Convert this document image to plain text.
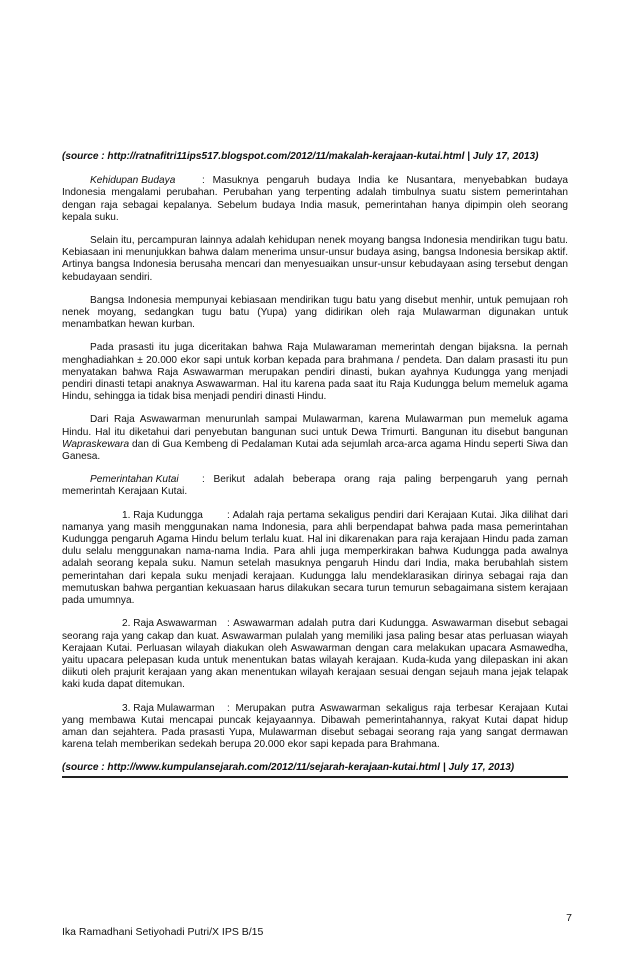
(source : http://ratnafitri11ips517.blogspot.com/2012/11/makalah-kerajaan-kutai.html | July 17, 2013)

Kehidupan Budaya	: Masuknya pengaruh budaya India ke Nusantara, menyebabkan budaya Indonesia mengalami perubahan. Perubahan yang terpenting adalah timbulnya suatu sistem pemerintahan dengan raja sebagai kepalanya. Sebelum budaya India masuk, pemerintahan hanya dipimpin oleh seorang kepala suku.

Selain itu, percampuran lainnya adalah kehidupan nenek moyang bangsa Indonesia mendirikan tugu batu. Kebiasaan ini menunjukkan bahwa dalam menerima unsur-unsur budaya asing, bangsa Indonesia bersikap aktif. Artinya bangsa Indonesia berusaha mencari dan menyesuaikan unsur-unsur kebudayaan asing tersebut dengan kebudayaan sendiri.

Bangsa Indonesia mempunyai kebiasaan mendirikan tugu batu yang disebut menhir, untuk pemujaan roh nenek moyang, sedangkan tugu batu (Yupa) yang didirikan oleh raja Mulawarman digunakan untuk menambatkan hewan kurban.

Pada prasasti itu juga diceritakan bahwa Raja Mulawaraman memerintah dengan bijaksna. Ia pernah menghadiahkan ± 20.000 ekor sapi untuk korban kepada para brahmana / pendeta. Dan dalam prasasti itu pun menyatakan bahwa Raja Aswawarman merupakan pendiri dinasti, bukan ayahnya Kudungga yang menjadi pendiri dinasti tetapi anaknya Aswawarman. Hal itu karena pada saat itu Raja Kudungga belum memeluk agama Hindu, sehingga ia tidak bisa menjadi pendiri dinasti Hindu.

Dari Raja Aswawarman menurunlah sampai Mulawarman, karena Mulawarman pun memeluk agama Hindu. Hal itu diketahui dari penyebutan bangunan suci untuk Dewa Trimurti. Bangunan itu disebut bangunan Wapraskewara dan di Gua Kembeng di Pedalaman Kutai ada sejumlah arca-arca agama Hindu seperti Siwa dan Ganesa.

Pemerintahan Kutai : Berikut adalah beberapa orang raja paling berpengaruh yang pernah memerintah Kerajaan Kutai.

1. Raja Kudungga : Adalah raja pertama sekaligus pendiri dari Kerajaan Kutai. Jika dilihat dari namanya yang masih menggunakan nama Indonesia, para ahli berpendapat bahwa pada masa pemerintahan Kudungga pengaruh Agama Hindu belum terlalu kuat. Hal ini dikarenakan para raja kerajaan Hindu pada zaman dulu selalu menggunakan nama-nama India. Para ahli juga memperkirakan bahwa Kudungga pada awalnya adalah seorang kepala suku. Namun setelah masuknya pengaruh Hindu dari India, maka berubahlah sistem pemerintahan dari kepala suku menjadi kerajaan. Kudungga lalu mendeklarasikan dirinya sebagai raja dan memutuskan bahwa pergantian kekuasaan harus dilakukan secara turun temurun sebagaimana sistem kerajaan pada umumnya.

2. Raja Aswawarman : Aswawarman adalah putra dari Kudungga. Aswawarman disebut sebagai seorang raja yang cakap dan kuat. Aswawarman pulalah yang memiliki jasa paling besar atas perluasan wiayah Kerajaan Kutai. Perluasan wilayah diakukan oleh Aswawarman dengan cara melakukan upacara Asmawedha, yaitu upacara pelepasan kuda untuk menentukan batas wilayah kerajaan. Kuda-kuda yang dilepaskan ini akan diikuti oleh prajurit kerajaan yang akan menentukan wilayah kerajaan sesuai dengan sejauh mana jejak telapak kaki kuda dapat ditemukan.

3. Raja Mulawarman : Merupakan putra Aswawarman sekaligus raja terbesar Kerajaan Kutai yang membawa Kutai mencapai puncak kejayaannya. Dibawah pemerintahannya, rakyat Kutai dapat hidup aman dan sejahtera. Pada prasasti Yupa, Mulawarman disebut sebagai seorang raja yang sangat dermawan karena telah memberikan sedekah berupa 20.000 ekor sapi kepada para Brahmana.

(source : http://www.kumpulansejarah.com/2012/11/sejarah-kerajaan-kutai.html | July 17, 2013)
7
Ika Ramadhani Setiyohadi Putri/X IPS B/15
